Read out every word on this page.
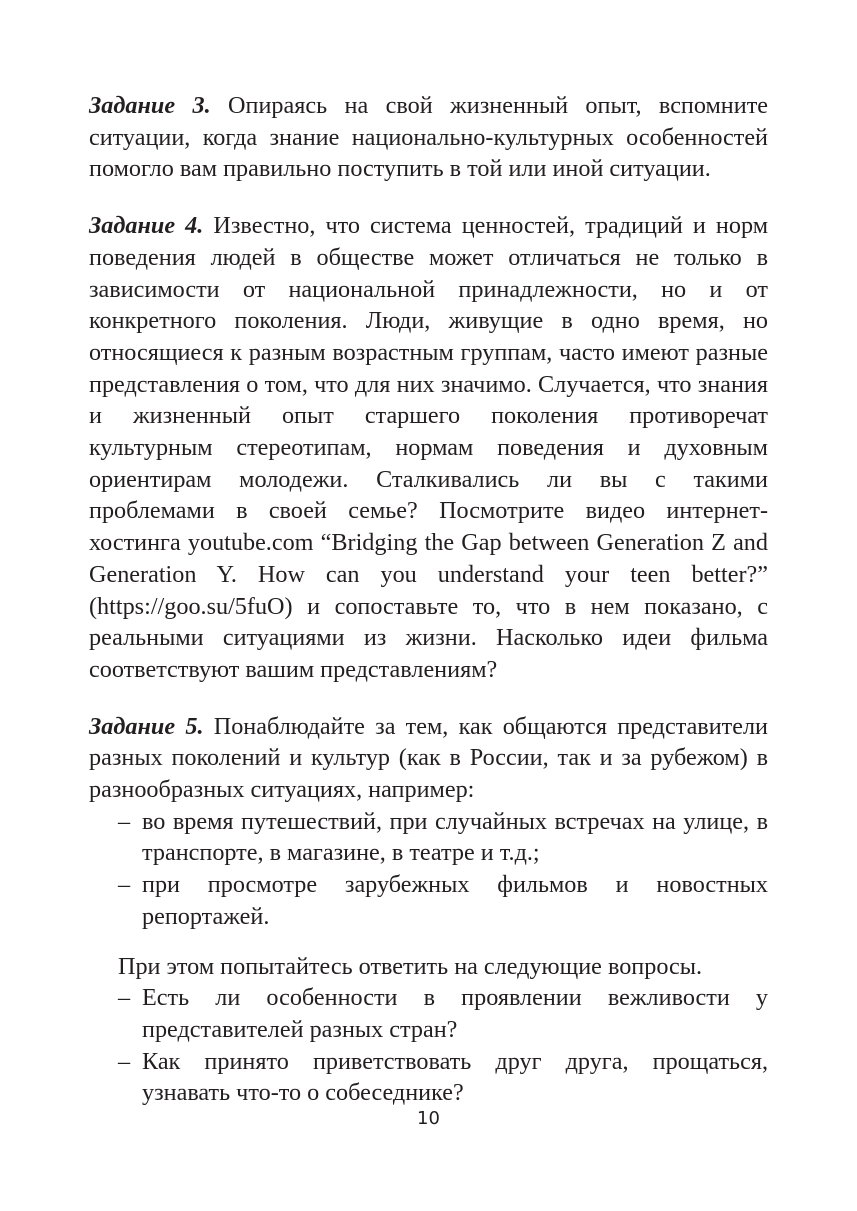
Задание 3. Опираясь на свой жизненный опыт, вспомните ситуации, когда знание национально-культурных особенностей помогло вам правильно поступить в той или иной ситуации.

Задание 4. Известно, что система ценностей, традиций и норм поведения людей в обществе может отличаться не только в зависимости от национальной принадлежности, но и от конкретного поколения. Люди, живущие в одно время, но относящиеся к разным возрастным группам, часто имеют разные представления о том, что для них значимо. Случается, что знания и жизненный опыт старшего поколения противоречат культурным стереотипам, нормам поведения и духовным ориентирам молодежи. Сталкивались ли вы с такими проблемами в своей семье? Посмотрите видео интернет-хостинга youtube.com “Bridging the Gap between Generation Z and Generation Y. How can you understand your teen better?” (https://goo.su/5fuO) и сопоставьте то, что в нем показано, с реальными ситуациями из жизни. Насколько идеи фильма соответствуют вашим представлениям?

Задание 5. Понаблюдайте за тем, как общаются представители разных поколений и культур (как в России, так и за рубежом) в разнообразных ситуациях, например:

– во время путешествий, при случайных встречах на улице, в транспорте, в магазине, в театре и т.д.;
– при просмотре зарубежных фильмов и новостных репортажей.

При этом попытайтесь ответить на следующие вопросы.

– Есть ли особенности в проявлении вежливости у представителей разных стран?
– Как принято приветствовать друг друга, прощаться, узнавать что-то о собеседнике?
10
